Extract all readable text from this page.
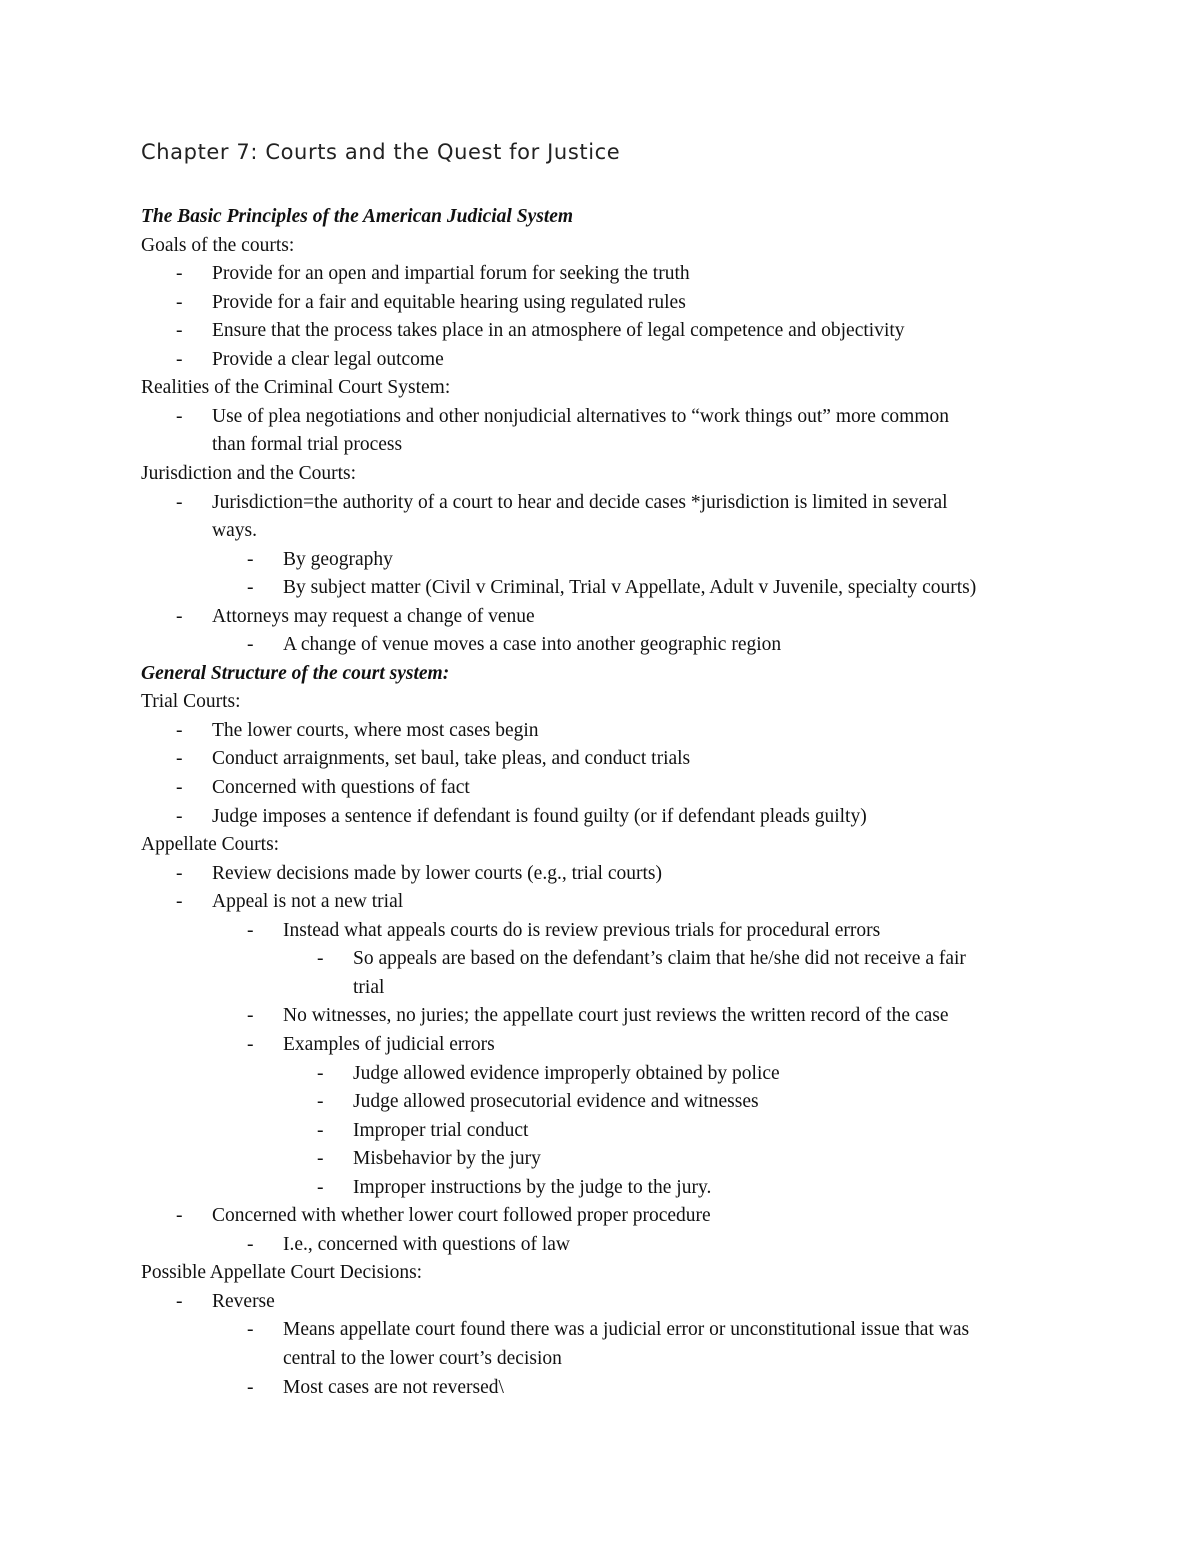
Chapter 7: Courts and the Quest for Justice
The Basic Principles of the American Judicial System
Goals of the courts:
- Provide for an open and impartial forum for seeking the truth
- Provide for a fair and equitable hearing using regulated rules
- Ensure that the process takes place in an atmosphere of legal competence and objectivity
- Provide a clear legal outcome
Realities of the Criminal Court System:
- Use of plea negotiations and other nonjudicial alternatives to “work things out” more common
than formal trial process
Jurisdiction and the Courts:
- Jurisdiction=the authority of a court to hear and decide cases *jurisdiction is limited in several
ways.
- By geography
- By subject matter (Civil v Criminal, Trial v Appellate, Adult v Juvenile, specialty courts)
- Attorneys may request a change of venue
- A change of venue moves a case into another geographic region
General Structure of the court system:
Trial Courts:
- The lower courts, where most cases begin
- Conduct arraignments, set baul, take pleas, and conduct trials
- Concerned with questions of fact
- Judge imposes a sentence if defendant is found guilty (or if defendant pleads guilty)
Appellate Courts:
- Review decisions made by lower courts (e.g., trial courts)
- Appeal is not a new trial
- Instead what appeals courts do is review previous trials for procedural errors
- So appeals are based on the defendant’s claim that he/she did not receive a fair
trial
- No witnesses, no juries; the appellate court just reviews the written record of the case
- Examples of judicial errors
- Judge allowed evidence improperly obtained by police
- Judge allowed prosecutorial evidence and witnesses
- Improper trial conduct
- Misbehavior by the jury
- Improper instructions by the judge to the jury.
- Concerned with whether lower court followed proper procedure
- I.e., concerned with questions of law
Possible Appellate Court Decisions:
- Reverse
- Means appellate court found there was a judicial error or unconstitutional issue that was
central to the lower court’s decision
- Most cases are not reversed\
